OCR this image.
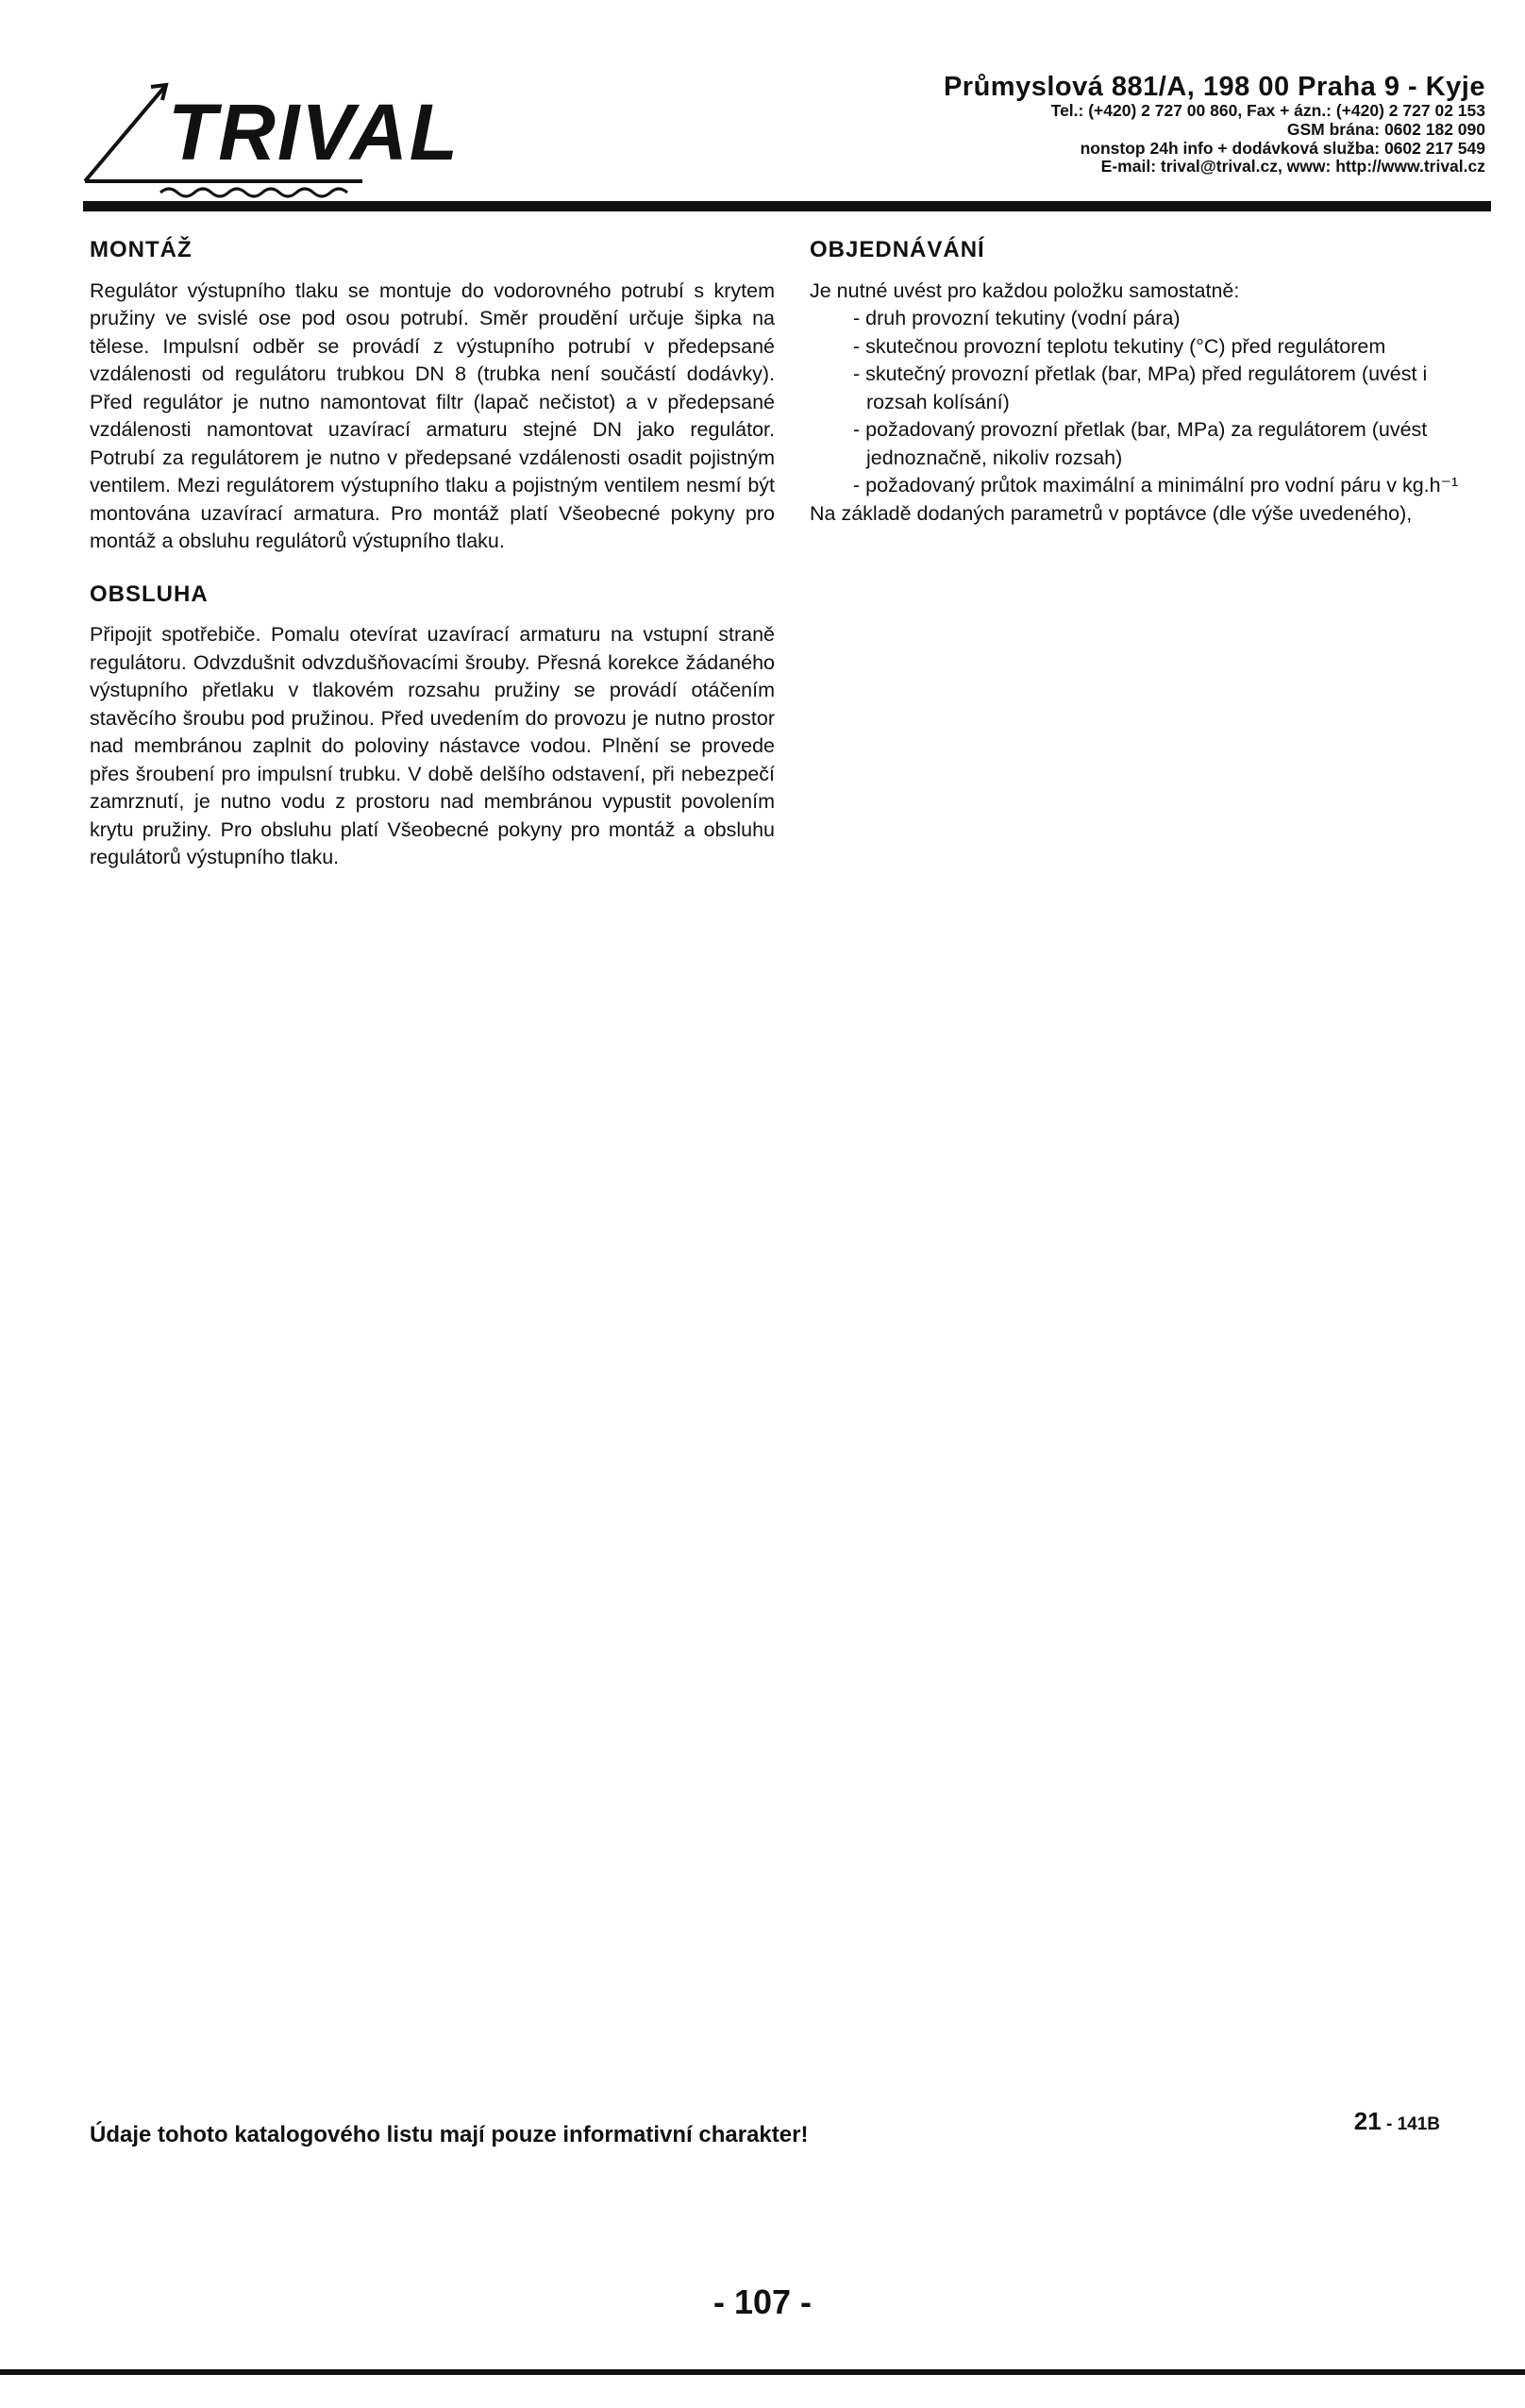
TRIVAL
Průmyslová 881/A, 198 00 Praha 9 - Kyje
Tel.: (+420) 2 727 00 860, Fax + ázn.: (+420) 2 727 02 153
GSM brána: 0602 182 090
nonstop 24h info + dodávková služba: 0602 217 549
E-mail: trival@trival.cz, www: http://www.trival.cz
MONTÁŽ

Regulátor výstupního tlaku se montuje do vodorovného potrubí s krytem pružiny ve svislé ose pod osou potrubí. Směr proudění určuje šipka na tělese. Impulsní odběr se provádí z výstupního potrubí v předepsané vzdálenosti od regulátoru trubkou DN 8 (trubka není součástí dodávky). Před regulátor je nutno namontovat filtr (lapač nečistot) a v předepsané vzdálenosti namontovat uzavírací armaturu stejné DN jako regulátor. Potrubí za regulátorem je nutno v předepsané vzdálenosti osadit pojistným ventilem. Mezi regulátorem výstupního tlaku a pojistným ventilem nesmí být montována uzavírací armatura. Pro montáž platí Všeobecné pokyny pro montáž a obsluhu regulátorů výstupního tlaku.

OBSLUHA

Připojit spotřebiče. Pomalu otevírat uzavírací armaturu na vstupní straně regulátoru. Odvzdušnit odvzdušňovacími šrouby. Přesná korekce žádaného výstupního přetlaku v tlakovém rozsahu pružiny se provádí otáčením stavěcího šroubu pod pružinou. Před uvedením do provozu je nutno prostor nad membránou zaplnit do poloviny nástavce vodou. Plnění se provede přes šroubení pro impulsní trubku. V době delšího odstavení, při nebezpečí zamrznutí, je nutno vodu z prostoru nad membránou vypustit povolením krytu pružiny. Pro obsluhu platí Všeobecné pokyny pro montáž a obsluhu regulátorů výstupního tlaku.

OBJEDNÁVÁNÍ
Je nutné uvést pro každou položku samostatně:
- druh provozní tekutiny (vodní pára)
- skutečnou provozní teplotu tekutiny (°C) před regulátorem
- skutečný provozní přetlak (bar, MPa) před regulátorem (uvést i rozsah kolísání)
- požadovaný provozní přetlak (bar, MPa) za regulátorem (uvést jednoznačně, nikoliv rozsah)
- požadovaný průtok maximální a minimální pro vodní páru v kg.h⁻¹
Na základě dodaných parametrů v poptávce (dle výše uvedeného),
Údaje tohoto katalogového listu mají pouze informativní charakter!	21 - 141B
- 107 -
